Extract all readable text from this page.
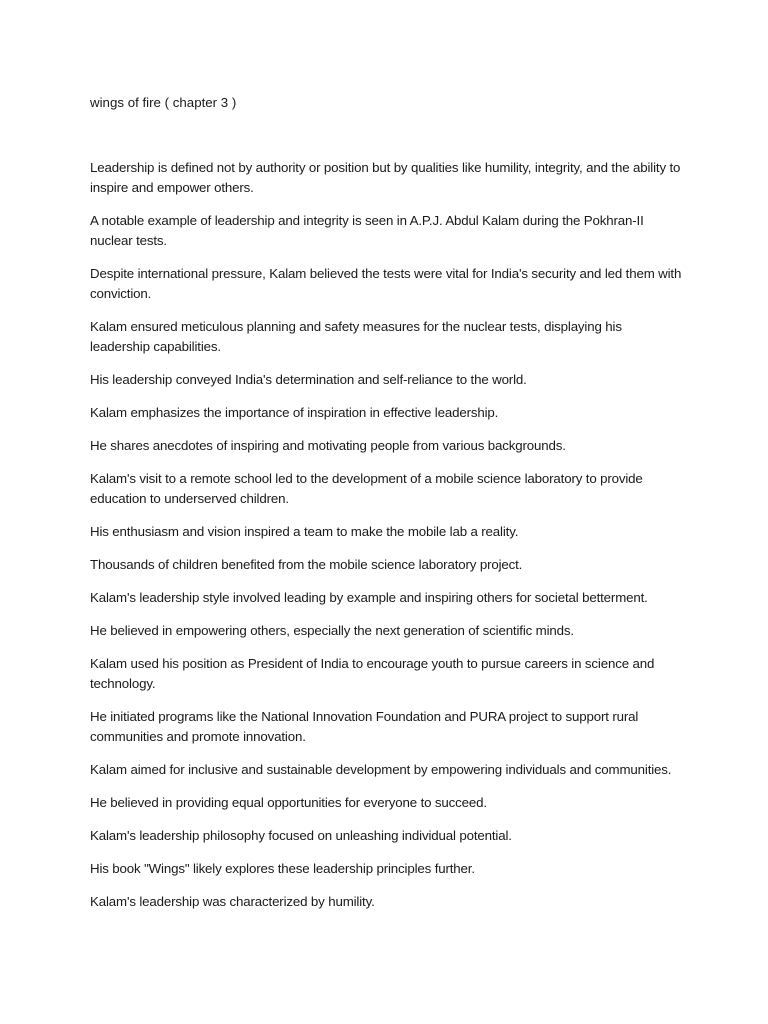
wings of fire ( chapter 3 )

Leadership is defined not by authority or position but by qualities like humility, integrity, and the ability to inspire and empower others.

A notable example of leadership and integrity is seen in A.P.J. Abdul Kalam during the Pokhran-II nuclear tests.

Despite international pressure, Kalam believed the tests were vital for India's security and led them with conviction.

Kalam ensured meticulous planning and safety measures for the nuclear tests, displaying his leadership capabilities.

His leadership conveyed India's determination and self-reliance to the world.

Kalam emphasizes the importance of inspiration in effective leadership.

He shares anecdotes of inspiring and motivating people from various backgrounds.

Kalam's visit to a remote school led to the development of a mobile science laboratory to provide education to underserved children.

His enthusiasm and vision inspired a team to make the mobile lab a reality.

Thousands of children benefited from the mobile science laboratory project.

Kalam's leadership style involved leading by example and inspiring others for societal betterment.

He believed in empowering others, especially the next generation of scientific minds.

Kalam used his position as President of India to encourage youth to pursue careers in science and technology.

He initiated programs like the National Innovation Foundation and PURA project to support rural communities and promote innovation.

Kalam aimed for inclusive and sustainable development by empowering individuals and communities.

He believed in providing equal opportunities for everyone to succeed.

Kalam's leadership philosophy focused on unleashing individual potential.

His book "Wings" likely explores these leadership principles further.

Kalam's leadership was characterized by humility.
